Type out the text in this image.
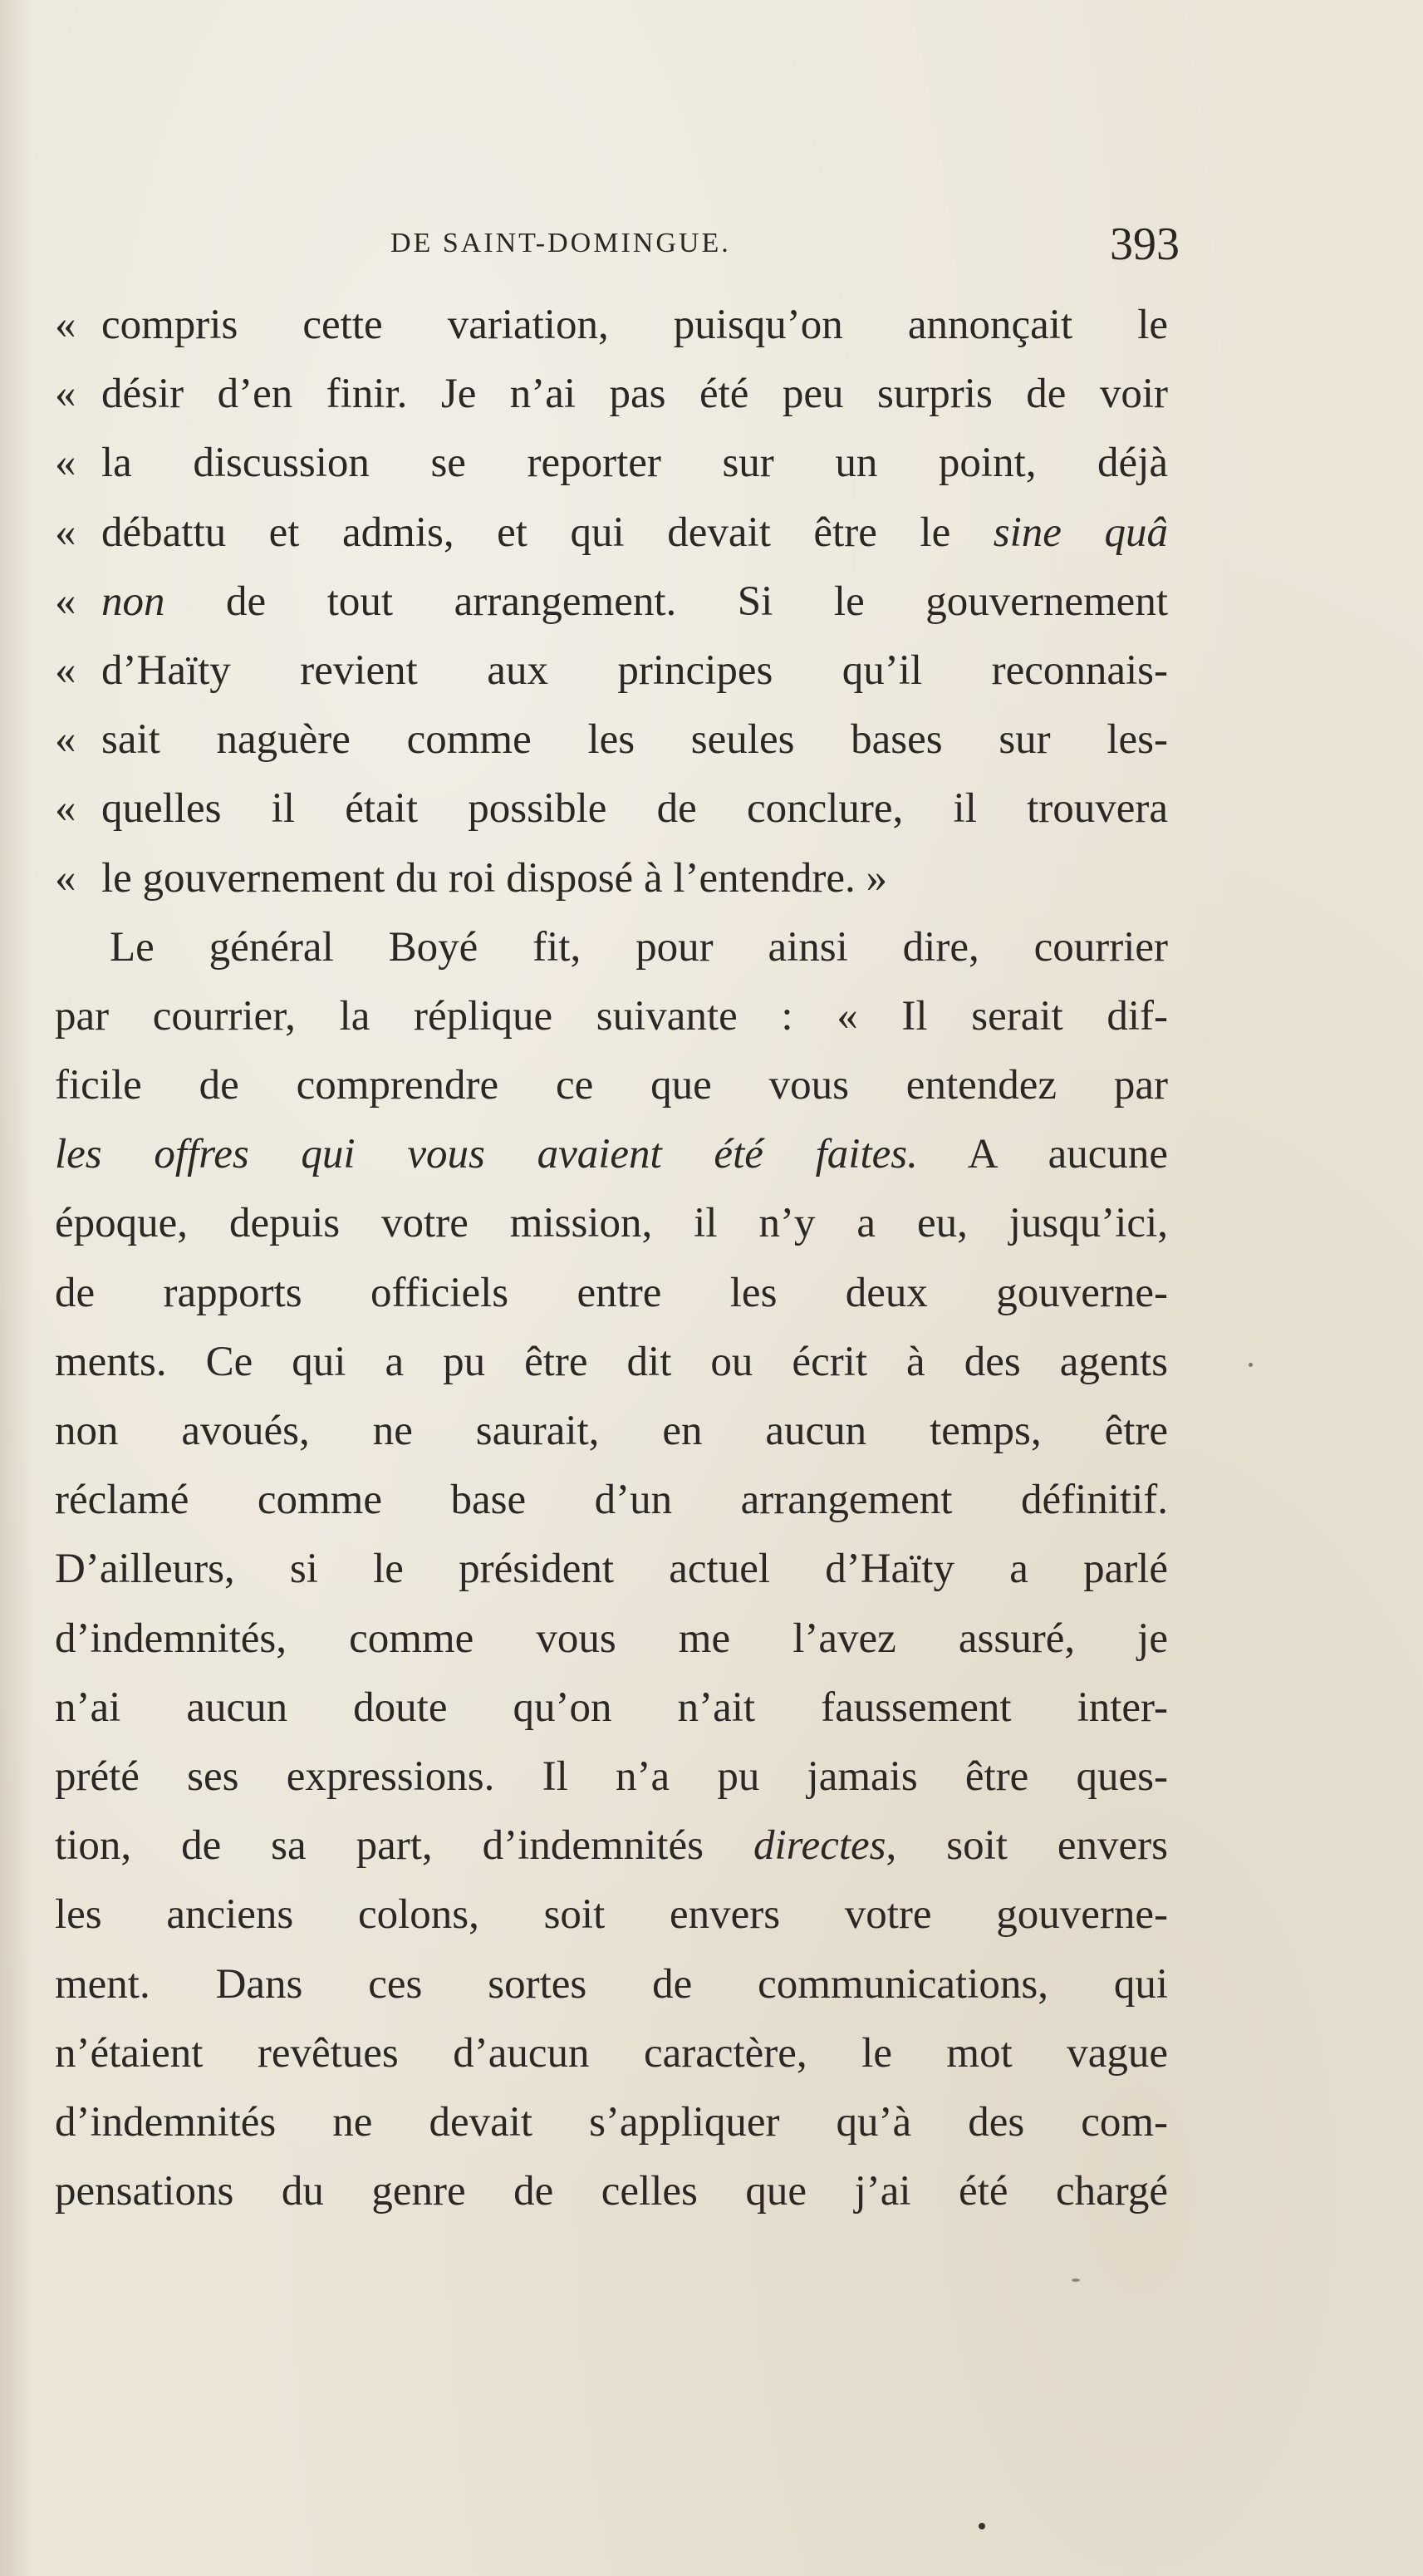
DE SAINT-DOMINGUE.	393
« compris cette variation, puisqu’on annonçait le
« désir d’en finir. Je n’ai pas été peu surpris de voir
« la discussion se reporter sur un point, déjà
« débattu et admis, et qui devait être le sine quâ
« non de tout arrangement. Si le gouvernement
« d’Haïty revient aux principes qu’il reconnais-
« sait naguère comme les seules bases sur les-
« quelles il était possible de conclure, il trouvera
« le gouvernement du roi disposé à l’entendre. »
Le général Boyé fit, pour ainsi dire, courrier
par courrier, la réplique suivante : « Il serait dif-
ficile de comprendre ce que vous entendez par
les offres qui vous avaient été faites. A aucune
époque, depuis votre mission, il n’y a eu, jusqu’ici,
de rapports officiels entre les deux gouverne-
ments. Ce qui a pu être dit ou écrit à des agents
non avoués, ne saurait, en aucun temps, être
réclamé comme base d’un arrangement définitif.
D’ailleurs, si le président actuel d’Haïty a parlé
d’indemnités, comme vous me l’avez assuré, je
n’ai aucun doute qu’on n’ait faussement inter-
prété ses expressions. Il n’a pu jamais être ques-
tion, de sa part, d’indemnités directes, soit envers
les anciens colons, soit envers votre gouverne-
ment. Dans ces sortes de communications, qui
n’étaient revêtues d’aucun caractère, le mot vague
d’indemnités ne devait s’appliquer qu’à des com-
pensations du genre de celles que j’ai été chargé
